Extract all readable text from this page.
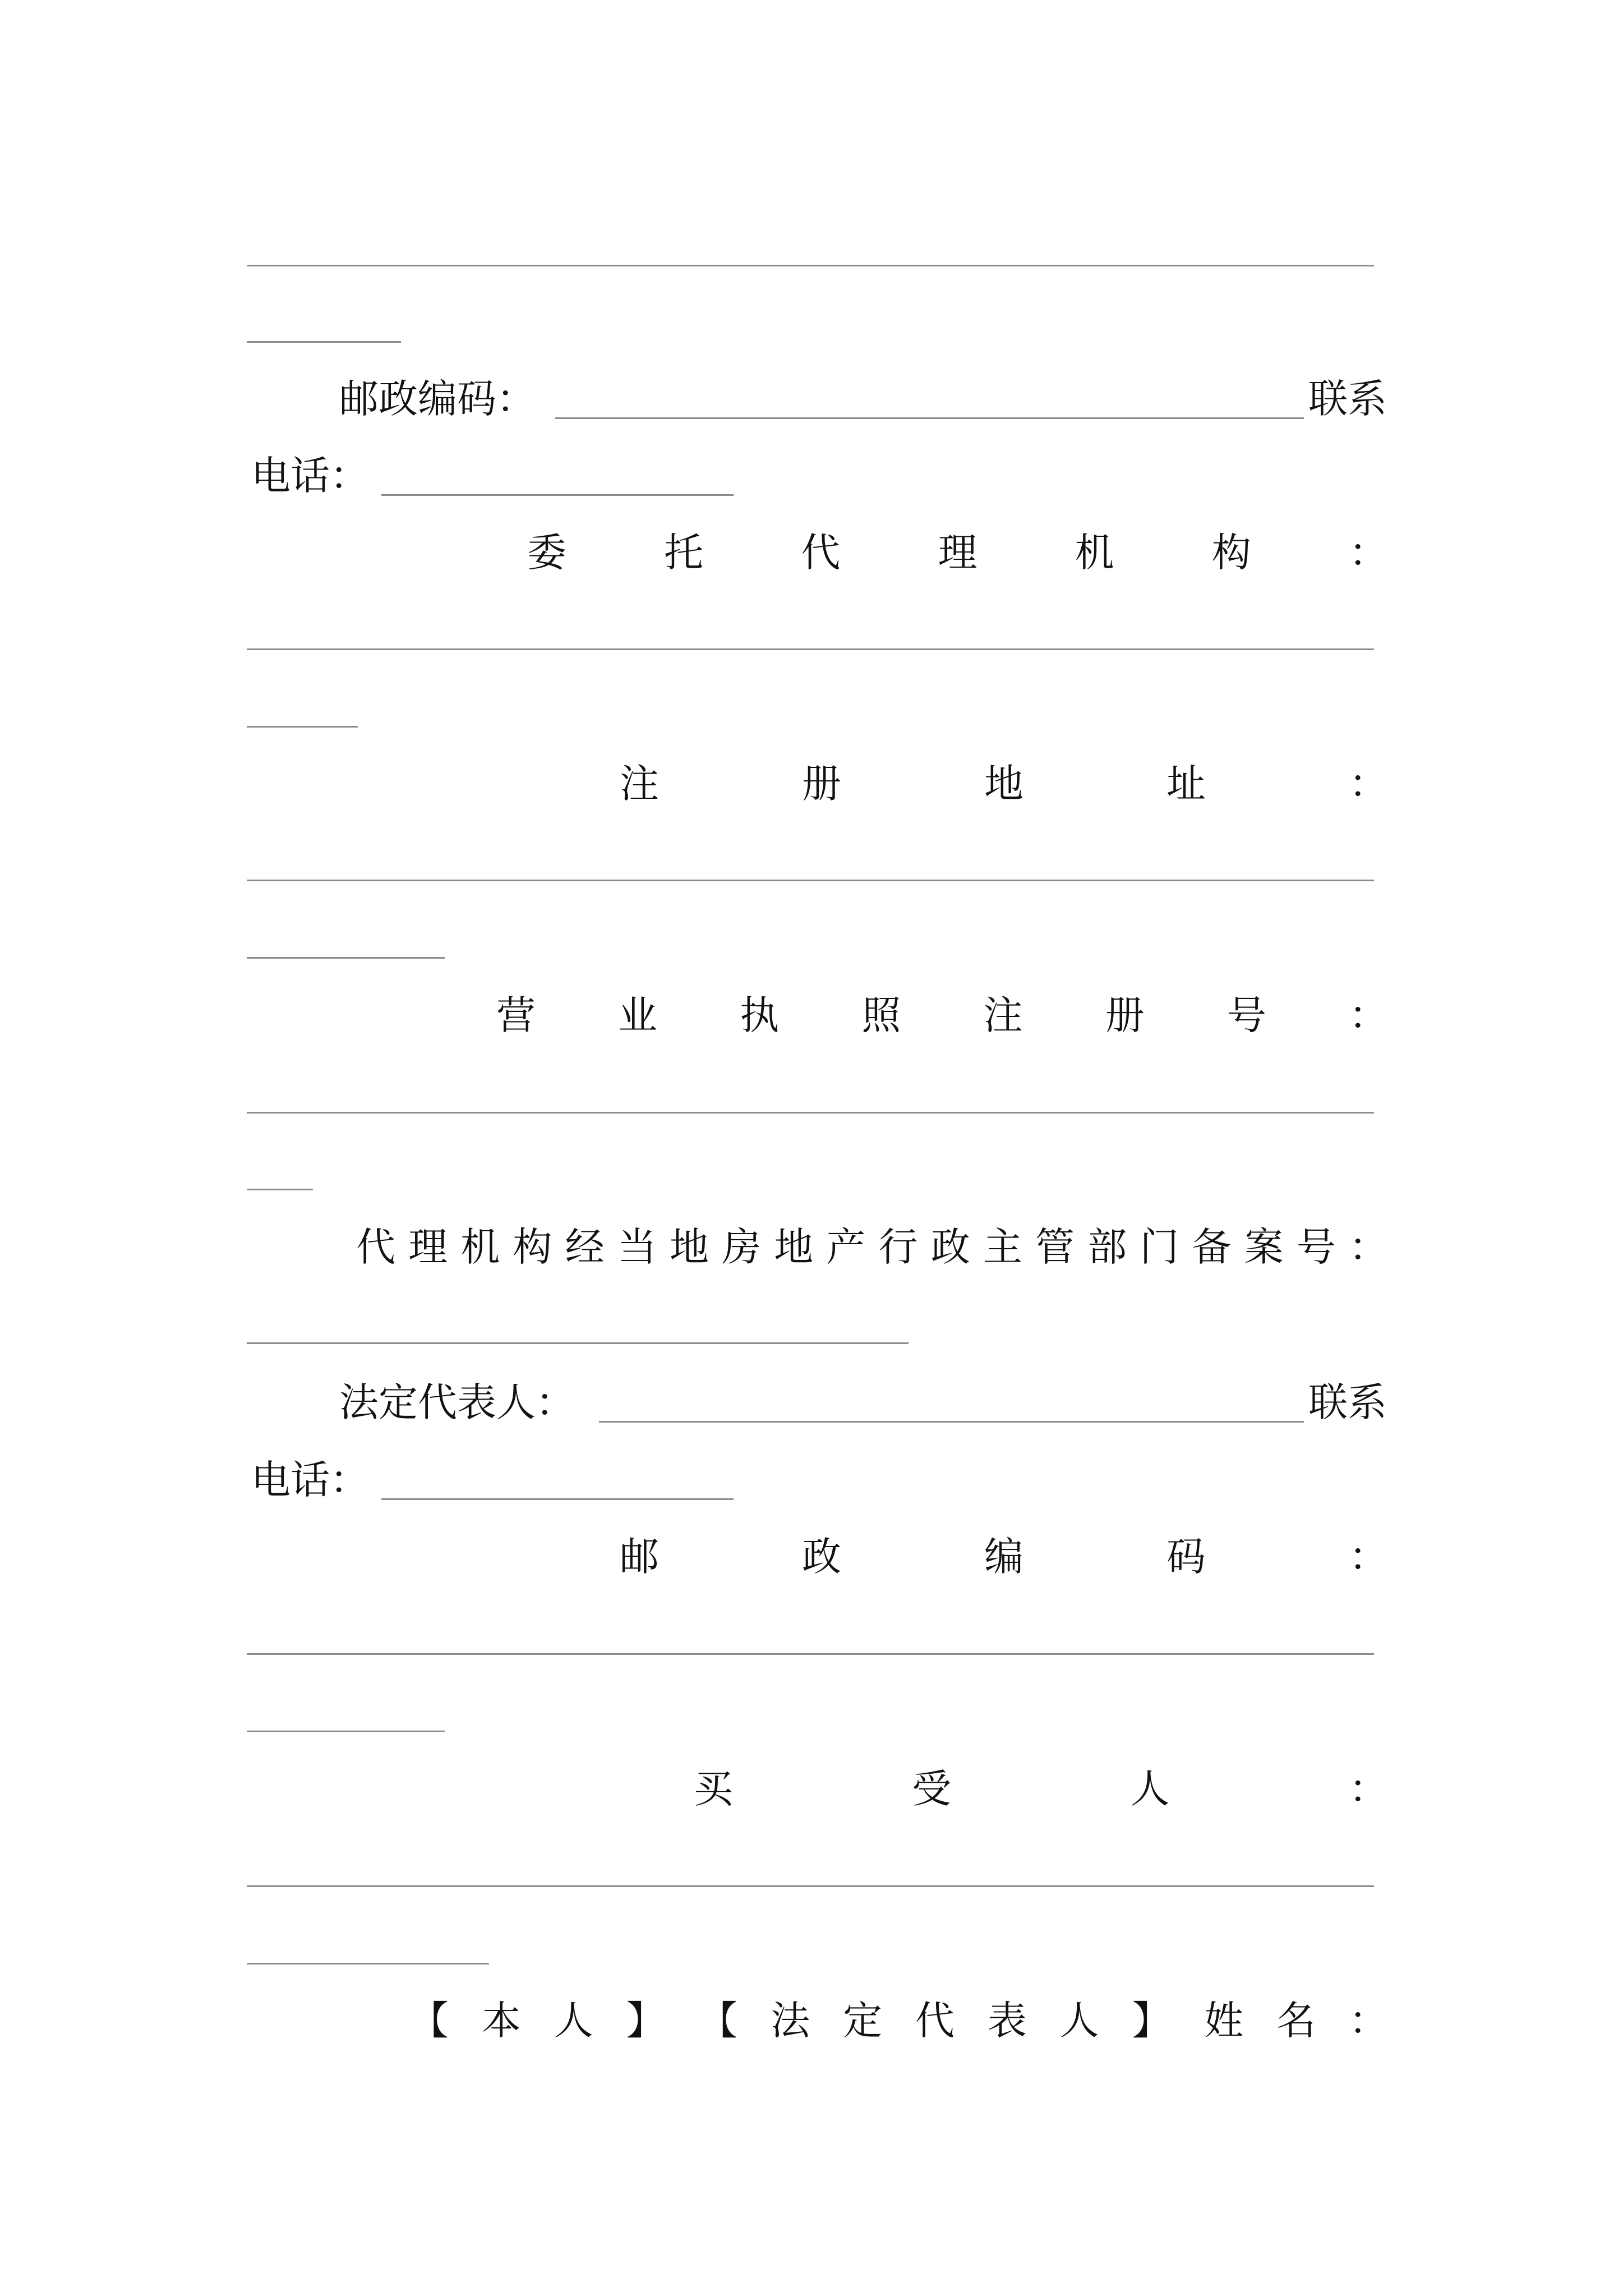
邮政编码：	联系
电话：
委 托 代 理 机 构 ：
注	册	地	址	：
营 业 执 照 注 册 号 ：
代 理 机 构 经 当 地 房 地 产 行 政 主 管 部 门 备 案 号 ：
法定代表人：	联系
电话：
邮	政	编	码	：
买	受	人	：
【 本 人 】 【 法 定 代 表 人 】 姓 名 ：
